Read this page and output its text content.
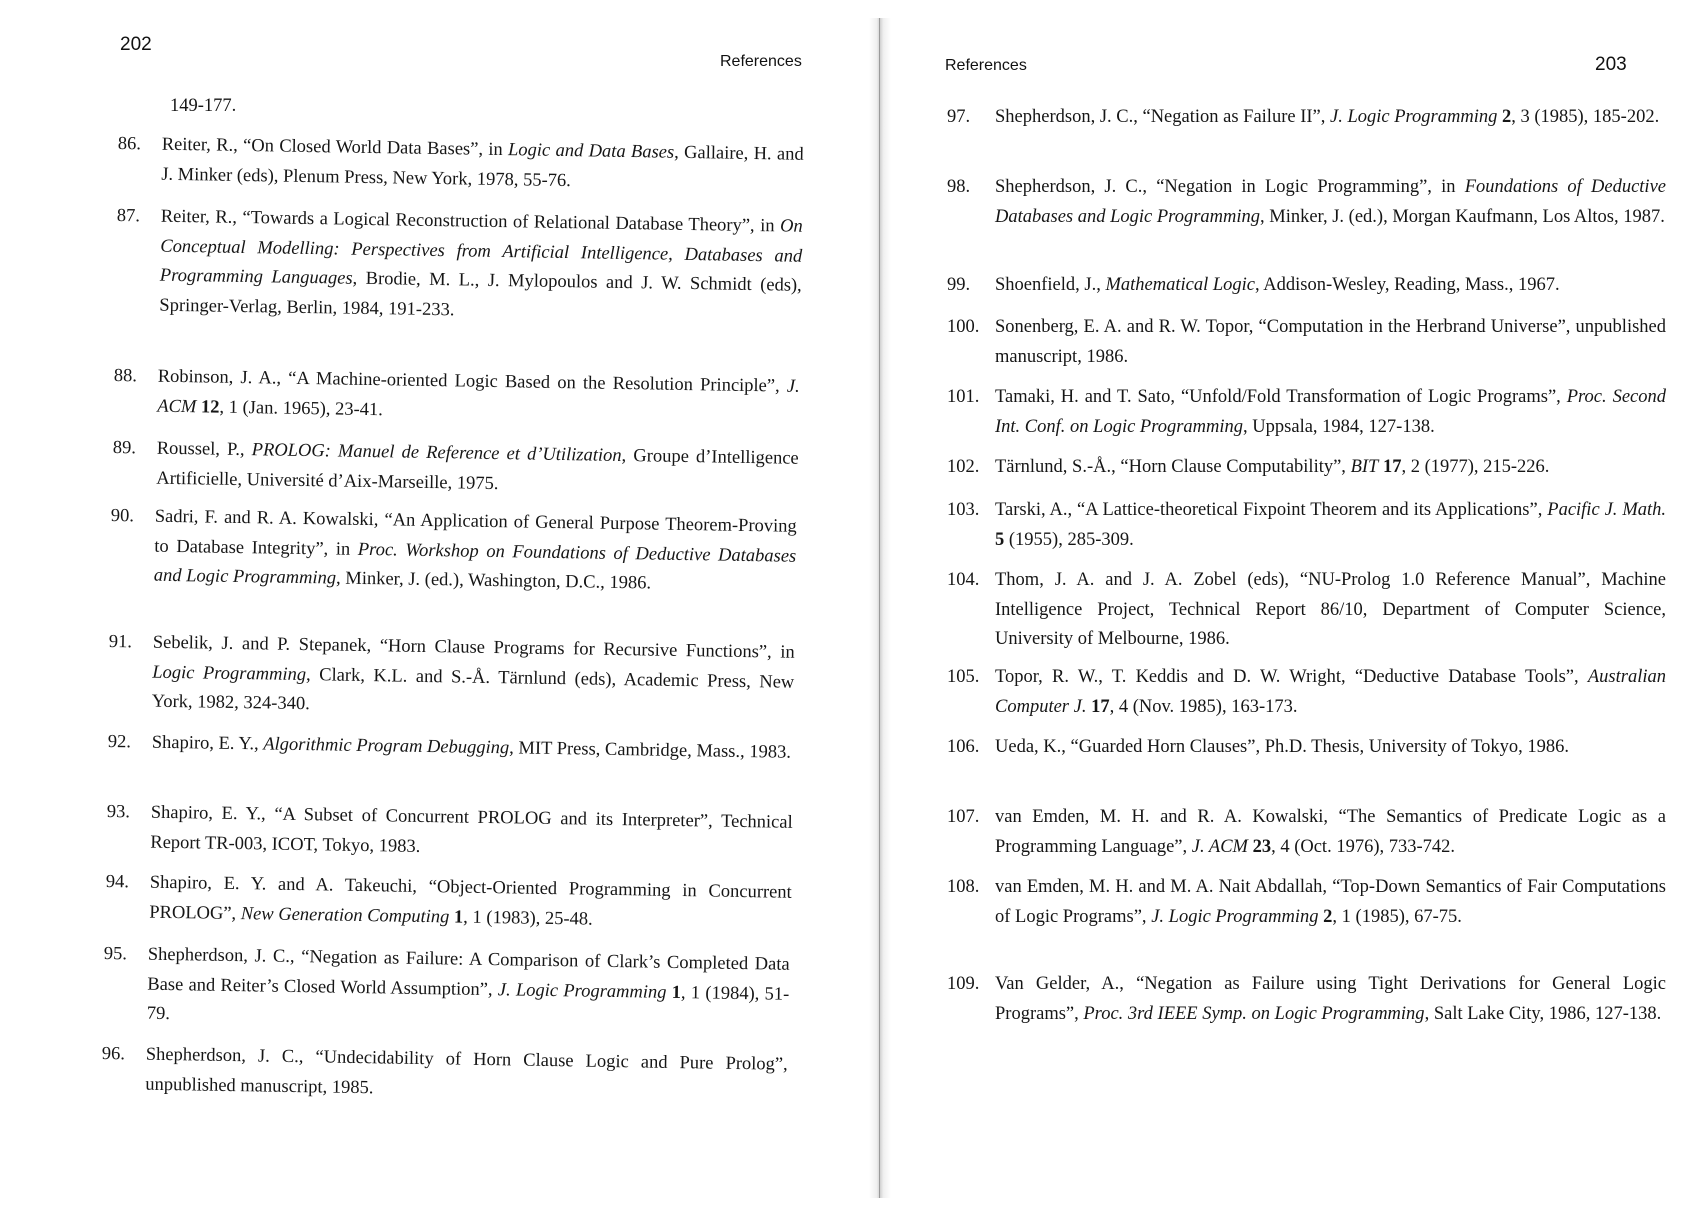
202
References
149-177.
86. Reiter, R., “On Closed World Data Bases”, in Logic and Data Bases, Gallaire, H. and J. Minker (eds), Plenum Press, New York, 1978, 55-76.
87. Reiter, R., “Towards a Logical Reconstruction of Relational Database Theory”, in On Conceptual Modelling: Perspectives from Artificial Intelligence, Databases and Programming Languages, Brodie, M. L., J. Mylopoulos and J. W. Schmidt (eds), Springer-Verlag, Berlin, 1984, 191-233.
88. Robinson, J. A., “A Machine-oriented Logic Based on the Resolution Principle”, J. ACM 12, 1 (Jan. 1965), 23-41.
89. Roussel, P., PROLOG: Manuel de Reference et d’Utilization, Groupe d’Intelligence Artificielle, Université d’Aix-Marseille, 1975.
90. Sadri, F. and R. A. Kowalski, “An Application of General Purpose Theorem-Proving to Database Integrity”, in Proc. Workshop on Foundations of Deductive Databases and Logic Programming, Minker, J. (ed.), Washington, D.C., 1986.
91. Sebelik, J. and P. Stepanek, “Horn Clause Programs for Recursive Functions”, in Logic Programming, Clark, K.L. and S.-Å. Tärnlund (eds), Academic Press, New York, 1982, 324-340.
92. Shapiro, E. Y., Algorithmic Program Debugging, MIT Press, Cambridge, Mass., 1983.
93. Shapiro, E. Y., “A Subset of Concurrent PROLOG and its Interpreter”, Technical Report TR-003, ICOT, Tokyo, 1983.
94. Shapiro, E. Y. and A. Takeuchi, “Object-Oriented Programming in Concurrent PROLOG”, New Generation Computing 1, 1 (1983), 25-48.
95. Shepherdson, J. C., “Negation as Failure: A Comparison of Clark’s Completed Data Base and Reiter’s Closed World Assumption”, J. Logic Programming 1, 1 (1984), 51-79.
96. Shepherdson, J. C., “Undecidability of Horn Clause Logic and Pure Prolog”, unpublished manuscript, 1985.
References	203
97. Shepherdson, J. C., “Negation as Failure II”, J. Logic Programming 2, 3 (1985), 185-202.
98. Shepherdson, J. C., “Negation in Logic Programming”, in Foundations of Deductive Databases and Logic Programming, Minker, J. (ed.), Morgan Kaufmann, Los Altos, 1987.
99. Shoenfield, J., Mathematical Logic, Addison-Wesley, Reading, Mass., 1967.
100. Sonenberg, E. A. and R. W. Topor, “Computation in the Herbrand Universe”, unpublished manuscript, 1986.
101. Tamaki, H. and T. Sato, “Unfold/Fold Transformation of Logic Programs”, Proc. Second Int. Conf. on Logic Programming, Uppsala, 1984, 127-138.
102. Tärnlund, S.-Å., “Horn Clause Computability”, BIT 17, 2 (1977), 215-226.
103. Tarski, A., “A Lattice-theoretical Fixpoint Theorem and its Applications”, Pacific J. Math. 5 (1955), 285-309.
104. Thom, J. A. and J. A. Zobel (eds), “NU-Prolog 1.0 Reference Manual”, Machine Intelligence Project, Technical Report 86/10, Department of Computer Science, University of Melbourne, 1986.
105. Topor, R. W., T. Keddis and D. W. Wright, “Deductive Database Tools”, Australian Computer J. 17, 4 (Nov. 1985), 163-173.
106. Ueda, K., “Guarded Horn Clauses”, Ph.D. Thesis, University of Tokyo, 1986.
107. van Emden, M. H. and R. A. Kowalski, “The Semantics of Predicate Logic as a Programming Language”, J. ACM 23, 4 (Oct. 1976), 733-742.
108. van Emden, M. H. and M. A. Nait Abdallah, “Top-Down Semantics of Fair Computations of Logic Programs”, J. Logic Programming 2, 1 (1985), 67-75.
109. Van Gelder, A., “Negation as Failure using Tight Derivations for General Logic Programs”, Proc. 3rd IEEE Symp. on Logic Programming, Salt Lake City, 1986, 127-138.
